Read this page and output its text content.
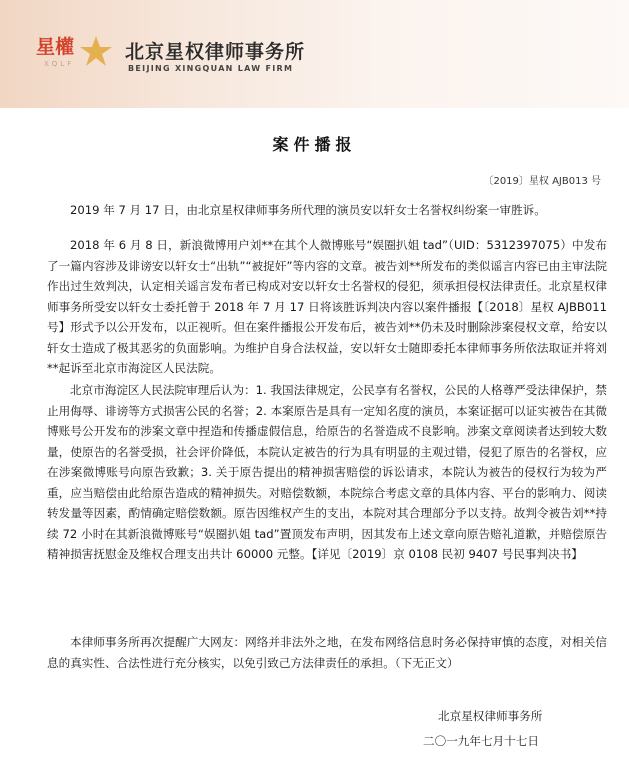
星權
XQLF
北京星权律师事务所
BEIJING XINGQUAN LAW FIRM
案件播报
〔2019〕星权 AJB013 号

2019 年 7 月 17 日，由北京星权律师事务所代理的演员安以轩女士名誉权纠纷案一审胜诉。

2018 年 6 月 8 日，新浪微博用户刘**在其个人微博账号“娱圈扒姐 tad”（UID：5312397075）中发布了一篇内容涉及诽谤安以轩女士“出轨”“被捉奸”等内容的文章。被告刘**所发布的类似谣言内容已由主审法院作出过生效判决，认定相关谣言发布者已构成对安以轩女士名誉权的侵犯，须承担侵权法律责任。北京星权律师事务所受安以轩女士委托曾于 2018 年 7 月 17 日将该胜诉判决内容以案件播报【〔2018〕星权 AJBB011 号】形式予以公开发布，以正视听。但在案件播报公开发布后，被告刘**仍未及时删除涉案侵权文章，给安以轩女士造成了极其恶劣的负面影响。为维护自身合法权益，安以轩女士随即委托本律师事务所依法取证并将刘**起诉至北京市海淀区人民法院。

北京市海淀区人民法院审理后认为：1. 我国法律规定，公民享有名誉权，公民的人格尊严受法律保护，禁止用侮辱、诽谤等方式损害公民的名誉；2. 本案原告是具有一定知名度的演员，本案证据可以证实被告在其微博账号公开发布的涉案文章中捏造和传播虚假信息，给原告的名誉造成不良影响。涉案文章阅读者达到较大数量，使原告的名誉受损，社会评价降低，本院认定被告的行为具有明显的主观过错，侵犯了原告的名誉权，应在涉案微博账号向原告致歉；3. 关于原告提出的精神损害赔偿的诉讼请求，本院认为被告的侵权行为较为严重，应当赔偿由此给原告造成的精神损失。对赔偿数额，本院综合考虑文章的具体内容、平台的影响力、阅读转发量等因素，酌情确定赔偿数额。原告因维权产生的支出，本院对其合理部分予以支持。故判令被告刘**持续 72 小时在其新浪微博账号“娱圈扒姐 tad”置顶发布声明，因其发布上述文章向原告赔礼道歉，并赔偿原告精神损害抚慰金及维权合理支出共计 60000 元整。【详见〔2019〕京 0108 民初 9407 号民事判决书】

本律师事务所再次提醒广大网友：网络并非法外之地，在发布网络信息时务必保持审慎的态度，对相关信息的真实性、合法性进行充分核实，以免引致己方法律责任的承担。（下无正文）

北京星权律师事务所
二〇一九年七月十七日
